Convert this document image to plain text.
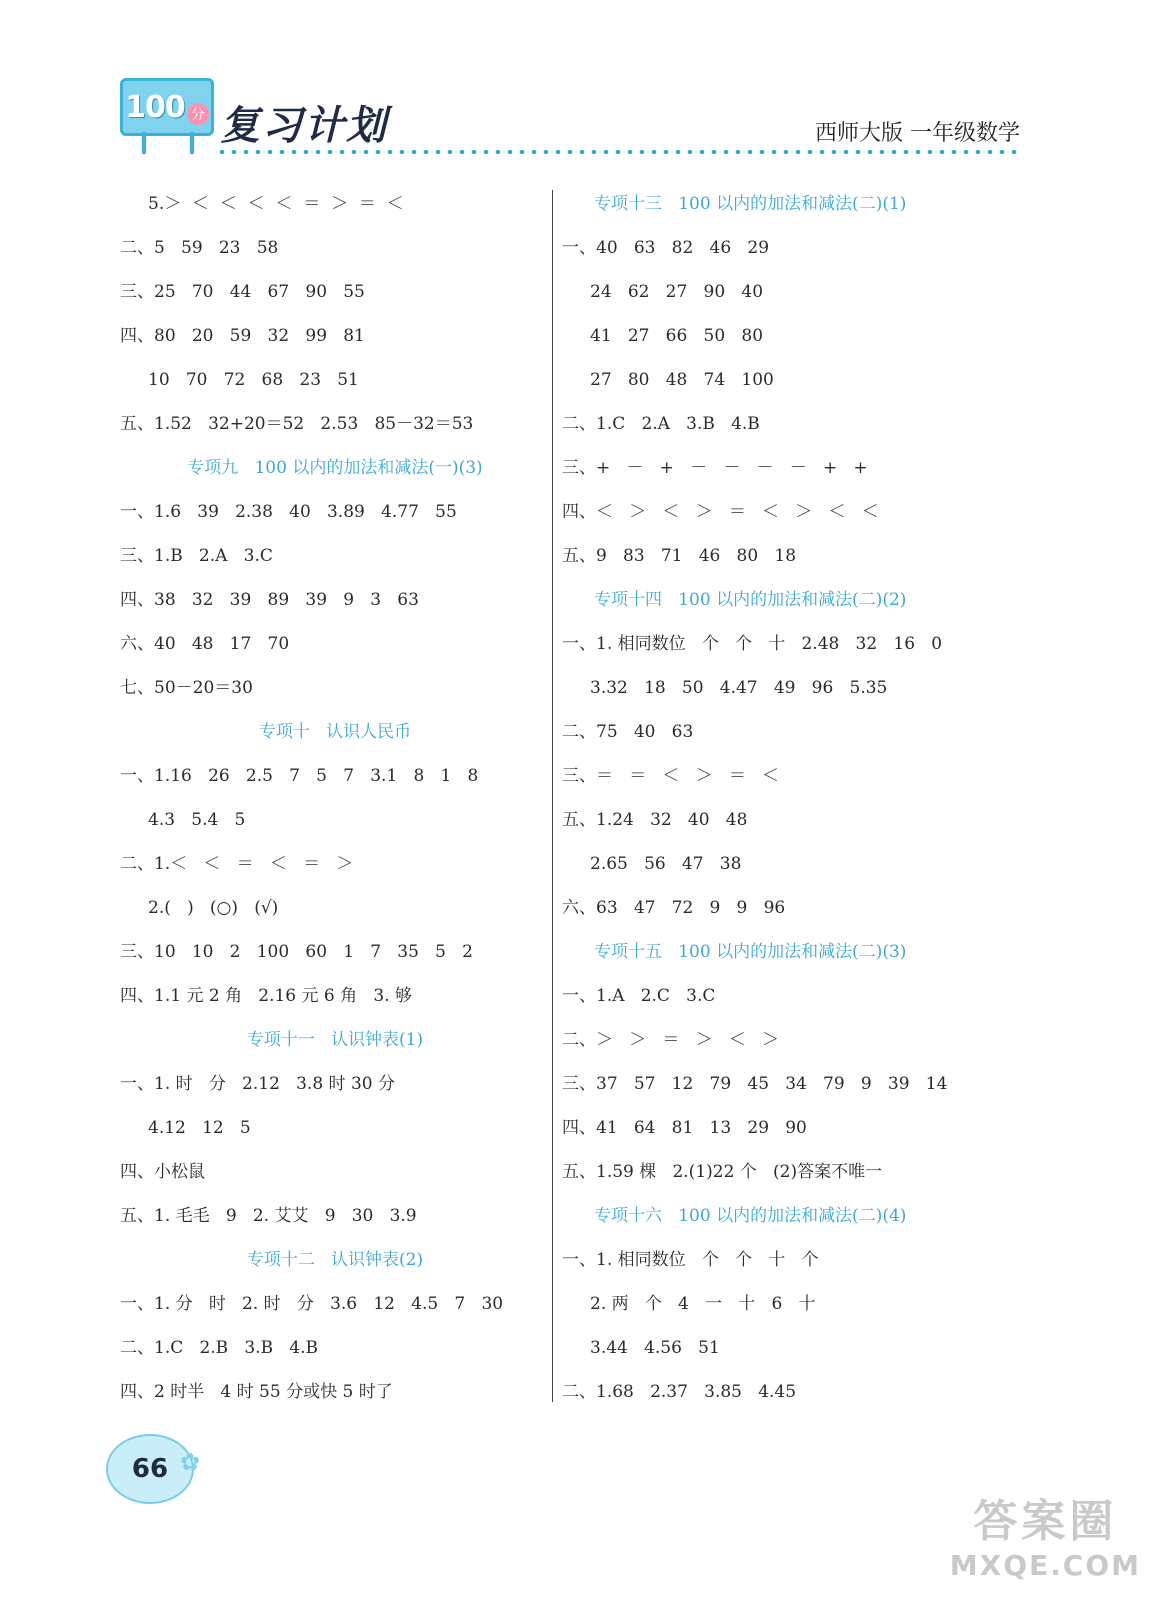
100 分 复习计划	西师大版 一年级数学
5.＞  ＜  ＜  ＜  ＜  ＝  ＞  ＝  ＜
二、5   59   23   58
三、25   70   44   67   90   55
四、80   20   59   32   99   81
10   70   72   68   23   51
五、1.52   32+20＝52   2.53   85－32＝53
专项九   100 以内的加法和减法(一)(3)
一、1.6   39   2.38   40   3.89   4.77   55
三、1.B   2.A   3.C
四、38   32   39   89   39   9   3   63
六、40   48   17   70
七、50－20＝30
专项十   认识人民币
一、1.16   26   2.5   7   5   7   3.1   8   1   8
4.3   5.4   5
二、1.＜   ＜   ＝   ＜   ＝   ＞
2.(   )   (○)   (√)
三、10   10   2   100   60   1   7   35   5   2
四、1.1 元 2 角   2.16 元 6 角   3. 够
专项十一   认识钟表(1)
一、1. 时   分   2.12   3.8 时 30 分
4.12   12   5
四、小松鼠
五、1. 毛毛   9   2. 艾艾   9   30   3.9
专项十二   认识钟表(2)
一、1. 分   时   2. 时   分   3.6   12   4.5   7   30
二、1.C   2.B   3.B   4.B
四、2 时半   4 时 55 分或快 5 时了
专项十三   100 以内的加法和减法(二)(1)
一、40   63   82   46   29
24   62   27   90   40
41   27   66   50   80
27   80   48   74   100
二、1.C   2.A   3.B   4.B
三、+   －   +   －   －   －   －   +   +
四、＜   ＞   ＜   ＞   ＝   ＜   ＞   ＜   ＜
五、9   83   71   46   80   18
专项十四   100 以内的加法和减法(二)(2)
一、1. 相同数位   个   个   十   2.48   32   16   0
3.32   18   50   4.47   49   96   5.35
二、75   40   63
三、＝   ＝   ＜   ＞   ＝   ＜
五、1.24   32   40   48
2.65   56   47   38
六、63   47   72   9   9   96
专项十五   100 以内的加法和减法(二)(3)
一、1.A   2.C   3.C
二、＞   ＞   ＝   ＞   ＜   ＞
三、37   57   12   79   45   34   79   9   39   14
四、41   64   81   13   29   90
五、1.59 棵   2.(1)22 个   (2)答案不唯一
专项十六   100 以内的加法和减法(二)(4)
一、1. 相同数位   个   个   十   个
2. 两   个   4   一   十   6   十
3.44   4.56   51
二、1.68   2.37   3.85   4.45
66 ✿
答案圈
MXQE.COM
